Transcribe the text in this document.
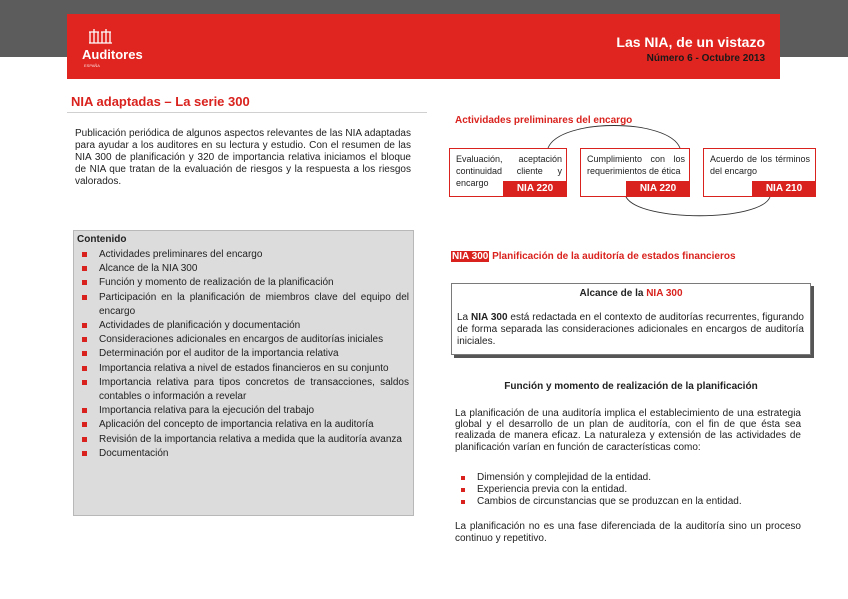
Auditores
ESPAÑA
Las NIA, de un vistazo
Número 6 - Octubre 2013
NIA adaptadas – La serie 300
Publicación periódica de algunos aspectos relevantes de las NIA adaptadas para ayudar a los auditores en su lectura y estudio. Con el resumen de las NIA 300 de planificación y 320 de importancia relativa iniciamos el bloque de NIA que tratan de la evaluación de riesgos y la respuesta a los riesgos valorados.
Contenido
Actividades preliminares del encargo
Alcance de la NIA 300
Función y momento de realización de la planificación
Participación en la planificación de miembros clave del equipo del encargo
Actividades de planificación y documentación
Consideraciones adicionales en encargos de auditorías iniciales
Determinación por el auditor de la importancia relativa
Importancia relativa a nivel de estados financieros en su conjunto
Importancia relativa para tipos concretos de transacciones, saldos contables o información a revelar
Importancia relativa para la ejecución del trabajo
Aplicación del concepto de importancia relativa en la auditoría
Revisión de la importancia relativa a medida que la auditoría avanza
Documentación
Actividades preliminares del encargo
Evaluación, aceptación continuidad cliente y encargo	NIA 220
Cumplimiento con los requerimientos de ética
NIA 220
Acuerdo de los términos del encargo
NIA 210
NIA 300 Planificación de la auditoría de estados financieros
Alcance de la NIA 300
La NIA 300 está redactada en el contexto de auditorías recurrentes, figurando de forma separada las consideraciones adicionales en encargos de auditoría iniciales.
Función y momento de realización de la planificación
La planificación de una auditoría implica el establecimiento de una estrategia global y el desarrollo de un plan de auditoría, con el fin de que ésta sea realizada de manera eficaz. La naturaleza y extensión de las actividades de planificación varían en función de características como:
Dimensión y complejidad de la entidad.
Experiencia previa con la entidad.
Cambios de circunstancias que se produzcan en la entidad.
La planificación no es una fase diferenciada de la auditoría sino un proceso continuo y repetitivo.
